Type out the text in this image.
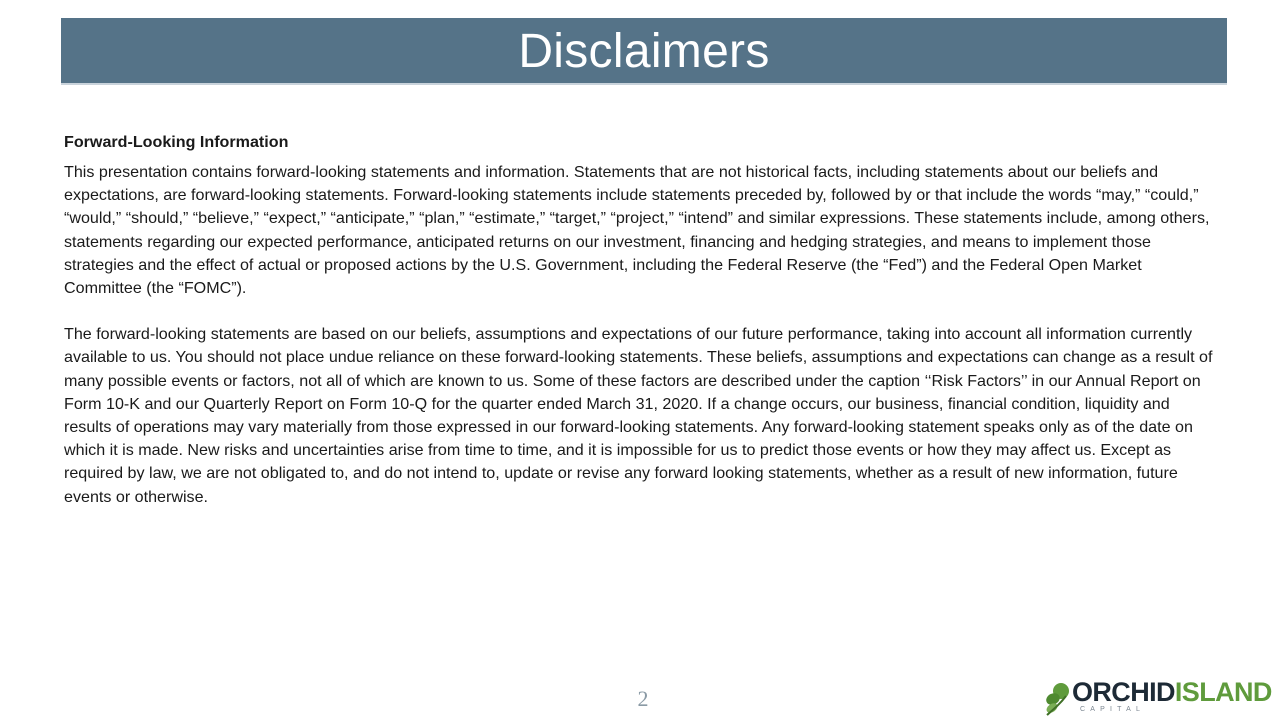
Disclaimers
Forward-Looking Information

This presentation contains forward-looking statements and information. Statements that are not historical facts, including statements about our beliefs and expectations, are forward-looking statements. Forward-looking statements include statements preceded by, followed by or that include the words “may,” “could,” “would,” “should,” “believe,” “expect,” “anticipate,” “plan,” “estimate,” “target,” “project,” “intend” and similar expressions. These statements include, among others, statements regarding our expected performance, anticipated returns on our investment, financing and hedging strategies, and means to implement those strategies and the effect of actual or proposed actions by the U.S. Government, including the Federal Reserve (the “Fed”) and the Federal Open Market Committee (the “FOMC”).

The forward-looking statements are based on our beliefs, assumptions and expectations of our future performance, taking into account all information currently available to us. You should not place undue reliance on these forward-looking statements. These beliefs, assumptions and expectations can change as a result of many possible events or factors, not all of which are known to us. Some of these factors are described under the caption ‘‘Risk Factors’’ in our Annual Report on Form 10-K and our Quarterly Report on Form 10-Q for the quarter ended March 31, 2020. If a change occurs, our business, financial condition, liquidity and results of operations may vary materially from those expressed in our forward-looking statements. Any forward-looking statement speaks only as of the date on which it is made. New risks and uncertainties arise from time to time, and it is impossible for us to predict those events or how they may affect us. Except as required by law, we are not obligated to, and do not intend to, update or revise any forward looking statements, whether as a result of new information, future events or otherwise.

2	ORCHIDISLAND
CAPITAL
